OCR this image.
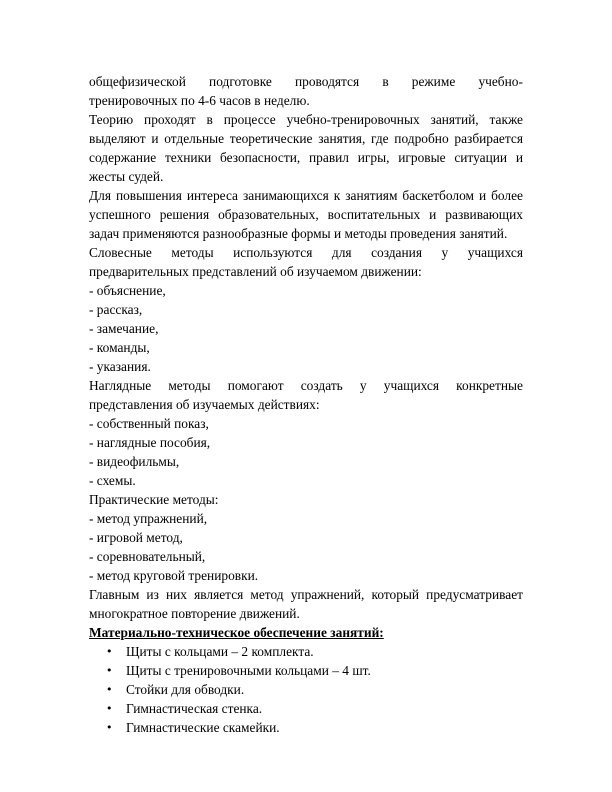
общефизической подготовке проводятся в режиме учебно-

тренировочных по 4-6 часов в неделю.

Теорию проходят в процессе учебно-тренировочных занятий, также выделяют и отдельные теоретические занятия, где подробно разбирается содержание техники безопасности, правил игры, игровые ситуации и жесты судей.

Для повышения интереса занимающихся к занятиям баскетболом и более успешного решения образовательных, воспитательных и развивающих задач применяются разнообразные формы и методы проведения занятий.

Словесные методы используются для создания у учащихся

предварительных представлений об изучаемом движении:

- объяснение,

- рассказ,

- замечание,

- команды,

- указания.

Наглядные методы помогают создать у учащихся конкретные

представления об изучаемых действиях:

- собственный показ,

- наглядные пособия,

- видеофильмы,

- схемы.

Практические методы:

- метод упражнений,

- игровой метод,

- соревновательный,

- метод круговой тренировки.

Главным из них является метод упражнений, который предусматривает многократное повторение движений.

Материально-техническое обеспечение занятий:

• Щиты с кольцами – 2 комплекта.
• Щиты с тренировочными кольцами – 4 шт.
• Стойки для обводки.
• Гимнастическая стенка.
• Гимнастические скамейки.
